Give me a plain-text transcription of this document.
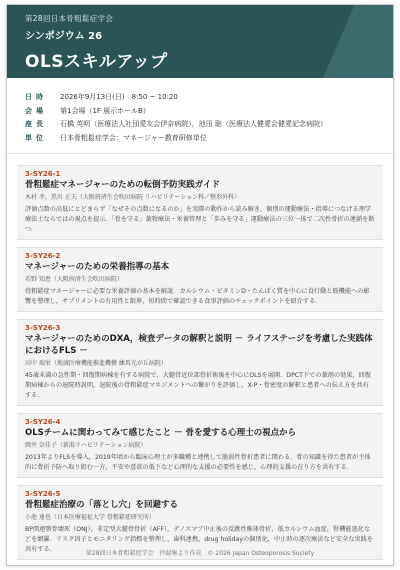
第28回日本骨粗鬆症学会
シンポジウム 26
OLSスキルアップ
日時	2026年9月13日(日)　8:50 ~ 10:20
会場	第1会場（1F 展示ホールB）
座長	石橋 英明（医療法人社団愛友会伊奈病院），池田 聡（医療法人健愛会健愛記念病院）
単位	日本骨粗鬆症学会：マネージャー教育研修単位
3-SY26-1
骨粗鬆症マネージャーのための転倒予防実践ガイド
木村 孝，黒川 正夫（大阪府済生会吹田病院 リハビリテーション科／整形外科）
評価点数の高低にとどまらず「なぜその点数になるのか」を実際の動作から読み解き，個別の運動療法・指導につなげる理学療法士ならではの視点を提示．「骨を守る」薬物療法・栄養管理と「歩みを守る」運動療法の三位一体で二次性骨折の連鎖を断つ．
3-SY26-2
マネージャーのための栄養指導の基本
若野 知恵（大阪府済生会吹田病院）
骨粗鬆症マネージャーに必要な栄養評価の基本を解説．カルシウム・ビタミンD・たんぱく質を中心に食行動と筋機能への影響を整理し，サプリメントの有用性と限界，短時間で確認できる食事評価のチェックポイントを紹介する．
3-SY26-3
マネージャーのためのDXA，検査データの解釈と説明 － ライフステージを考慮した実践体におけるFLS －
田中 瑞栄（地域医療機能推進機構 練馬光が丘病院）
45歳未満の急性期・回復期病棟を有する病院で，大腿骨近位部骨折術後を中心にOLSを展開．DPCT下での薬剤の効果，回復期病棟からの退院時説明，退院後の骨粗鬆症マネジメントへの繋がりを評価し，X-P・骨密度の解釈と患者への伝え方を共有する．
3-SY26-4
OLSチームに関わってみて感じたこと － 骨を愛する心理士の視点から
岡井 奈佳子（新潟リハビリテーション病院）
2013年よりFLSを導入，2019年頃から臨床心理士が多職種と連携して脆弱性骨折患者に関わる．骨の知識を得た患者が主体的に骨折予防へ取り組む一方，不安や意欲の低下など心理的な支援の必要性を感じ，心理的支援の在り方を共有する．
3-SY26-5
骨粗鬆症治療の「落とし穴」を回避する
小池 達也（日本医療福祉大学 骨粗鬆症研究所）
BP関連顎骨壊死（ONJ），非定型大腿骨骨折（AFF），デノスマブ中止後の反跳性椎体骨折，低カルシウム血症，腎機能悪化などを網羅．リスク因子とモニタリング指標を整理し，歯科連携，drug holidayの個別化，中止時の逐次療法など安全な実践を共有する．
第28回日本骨粗鬆症学会　抄録集より作成　© 2026 Japan Osteoporosis Society
